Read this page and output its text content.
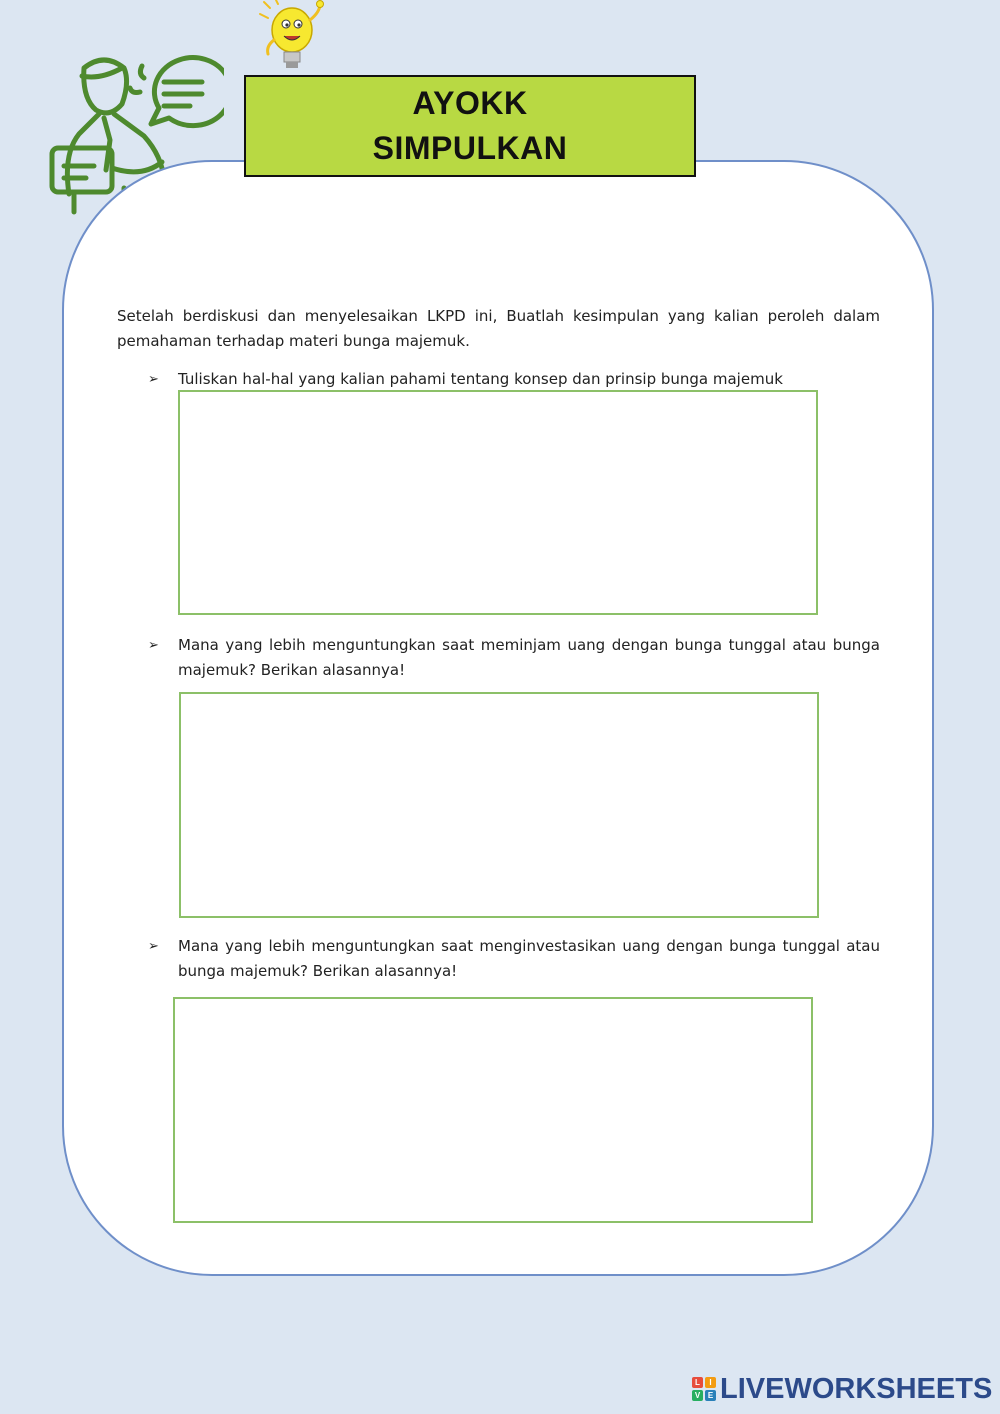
AYOKK
SIMPULKAN
Setelah berdiskusi dan menyelesaikan LKPD ini, Buatlah kesimpulan yang kalian peroleh dalam pemahaman terhadap materi bunga majemuk.
➢	Tuliskan hal-hal yang kalian pahami tentang konsep dan prinsip bunga majemuk
➢	Mana yang lebih menguntungkan saat meminjam uang dengan bunga tunggal atau bunga majemuk? Berikan alasannya!
➢	Mana yang lebih menguntungkan saat menginvestasikan uang dengan bunga tunggal atau bunga majemuk? Berikan alasannya!
L	I
V E LIVEWORKSHEETS
